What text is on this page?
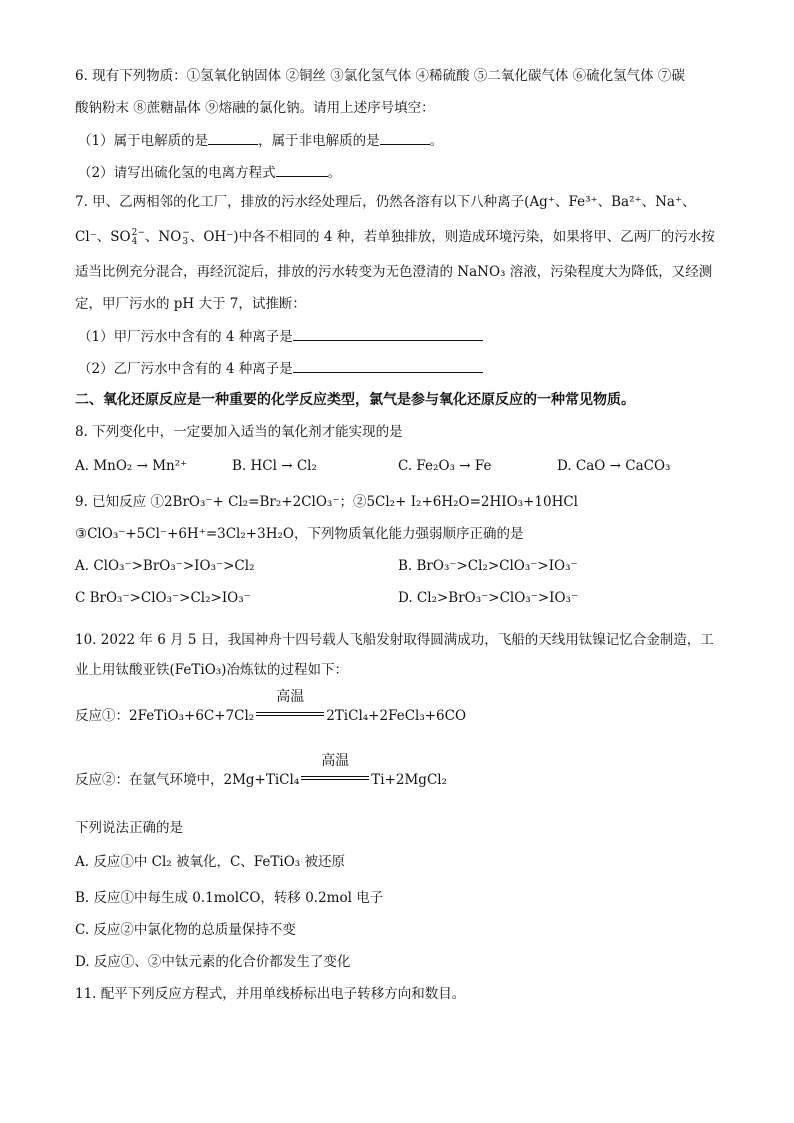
6. 现有下列物质：①氢氧化钠固体 ②铜丝 ③氯化氢气体 ④稀硫酸 ⑤二氧化碳气体 ⑥硫化氢气体 ⑦碳
酸钠粉末 ⑧蔗糖晶体 ⑨熔融的氯化钠。请用上述序号填空：
（1）属于电解质的是	，属于非电解质的是	。
（2）请写出硫化氢的电离方程式	。
7. 甲、乙两相邻的化工厂，排放的污水经处理后，仍然各溶有以下八种离子(Ag⁺、Fe³⁺、Ba²⁺、Na⁺、
Cl⁻、SO 2−
4 、NO −
3 、OH⁻)中各不相同的 4 种，若单独排放，则造成环境污染，如果将甲、乙两厂的污水按
适当比例充分混合，再经沉淀后，排放的污水转变为无色澄清的 NaNO₃ 溶液，污染程度大为降低，又经测
定，甲厂污水的 pH 大于 7，试推断：
（1）甲厂污水中含有的 4 种离子是
（2）乙厂污水中含有的 4 种离子是
二、氧化还原反应是一种重要的化学反应类型，氯气是参与氧化还原反应的一种常见物质。
8. 下列变化中，一定要加入适当的氧化剂才能实现的是
A. MnO₂ → Mn²⁺	B. HCl → Cl₂	C. Fe₂O₃ → Fe	D. CaO → CaCO₃
9. 已知反应 ①2BrO₃⁻+ Cl₂=Br₂+2ClO₃⁻；②5Cl₂+ I₂+6H₂O=2HIO₃+10HCl
③ClO₃⁻+5Cl⁻+6H⁺=3Cl₂+3H₂O，下列物质氧化能力强弱顺序正确的是
A. ClO₃⁻>BrO₃⁻>IO₃⁻>Cl₂	B. BrO₃⁻>Cl₂>ClO₃⁻>IO₃⁻
C BrO₃⁻>ClO₃⁻>Cl₂>IO₃⁻	D. Cl₂>BrO₃⁻>ClO₃⁻>IO₃⁻
10. 2022 年 6 月 5 日，我国神舟十四号载人飞船发射取得圆满成功，飞船的天线用钛镍记忆合金制造，工
业上用钛酸亚铁(FeTiO₃)冶炼钛的过程如下：
反应①：2FeTiO₃+6C+7Cl₂
高温
2TiCl₄+2FeCl₃+6CO
反应②：在氩气环境中，2Mg+TiCl₄
高温
Ti+2MgCl₂
下列说法正确的是
A. 反应①中 Cl₂ 被氧化，C、FeTiO₃ 被还原
B. 反应①中每生成 0.1molCO，转移 0.2mol 电子
C. 反应②中氯化物的总质量保持不变
D. 反应①、②中钛元素的化合价都发生了变化
11. 配平下列反应方程式，并用单线桥标出电子转移方向和数目。
